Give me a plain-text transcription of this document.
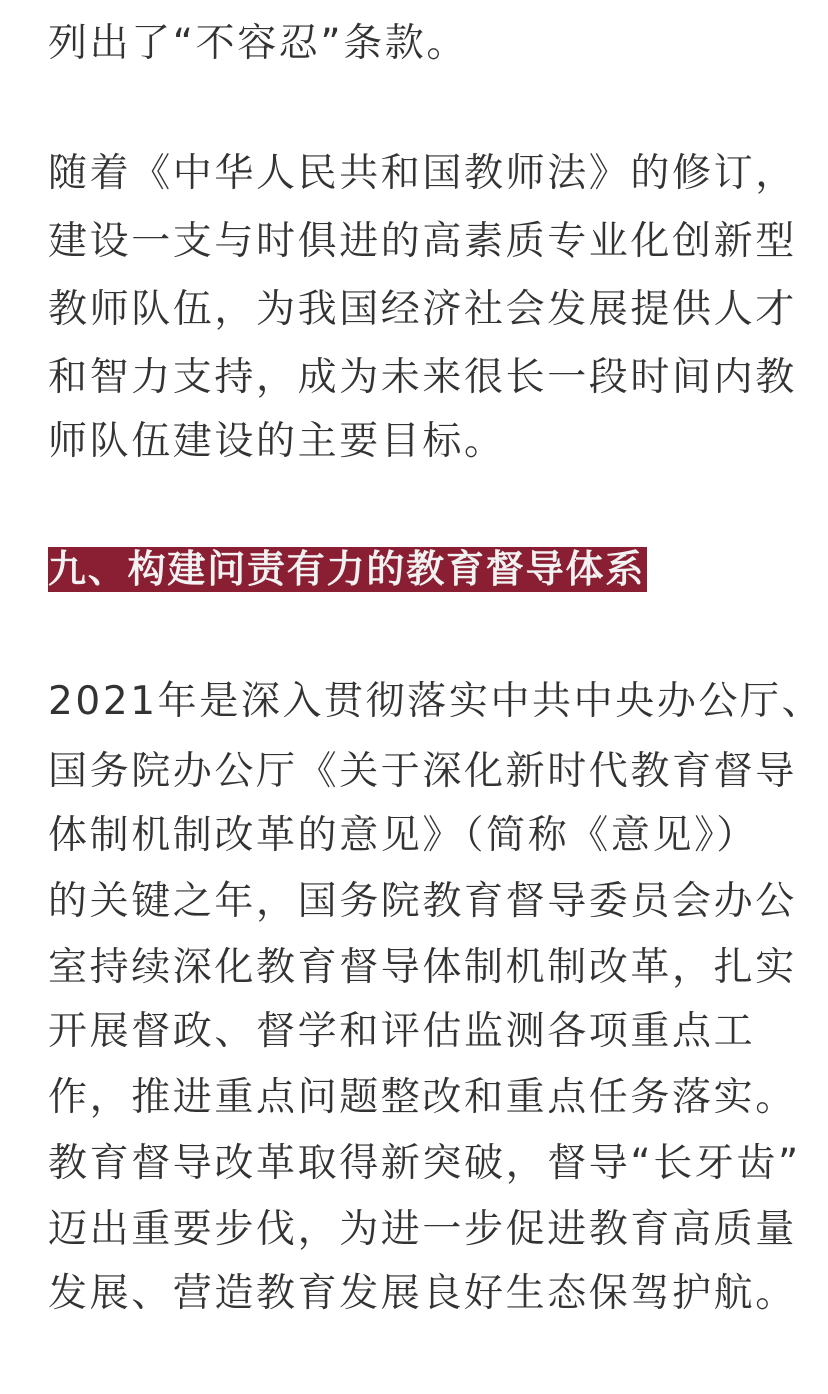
列出了“不容忍”条款。
随着《中华人民共和国教师法》的修订，
建设一支与时俱进的高素质专业化创新型
教师队伍，为我国经济社会发展提供人才
和智力支持，成为未来很长一段时间内教
师队伍建设的主要目标。
九、构建问责有力的教育督导体系
2021年是深入贯彻落实中共中央办公厅、
国务院办公厅《关于深化新时代教育督导
体制机制改革的意见》（简称《意见》）
的关键之年，国务院教育督导委员会办公
室持续深化教育督导体制机制改革，扎实
开展督政、督学和评估监测各项重点工
作，推进重点问题整改和重点任务落实。
教育督导改革取得新突破，督导“长牙齿”
迈出重要步伐，为进一步促进教育高质量
发展、营造教育发展良好生态保驾护航。
